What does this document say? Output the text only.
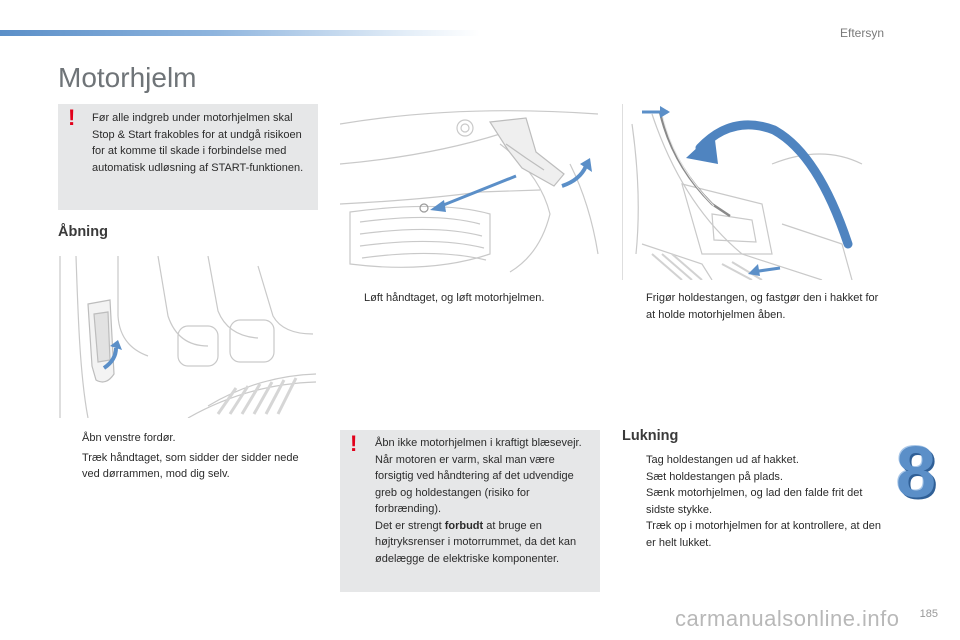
Eftersyn
Motorhjelm
! Før alle indgreb under motorhjelmen skal Stop & Start frakobles for at undgå risikoen for at komme til skade i forbindelse med automatisk udløsning af START-funktionen.
Åbning
Åbn venstre fordør.
Træk håndtaget, som sidder der sidder nede ved dørrammen, mod dig selv.
Løft håndtaget, og løft motorhjelmen.	Frigør holdestangen, og fastgør den i hakket for at holde motorhjelmen åben.
! Åbn ikke motorhjelmen i kraftigt blæsevejr.
Når motoren er varm, skal man være forsigtig ved håndtering af det udvendige greb og holdestangen (risiko for forbrænding).
Det er strengt forbudt at bruge en højtryksrenser i motorrummet, da det kan ødelægge de elektriske komponenter.
Lukning
Tag holdestangen ud af hakket.
Sæt holdestangen på plads.
Sænk motorhjelmen, og lad den falde frit det sidste stykke.
Træk op i motorhjelmen for at kontrollere, at den er helt lukket.
8
carmanualsonline.info 185
